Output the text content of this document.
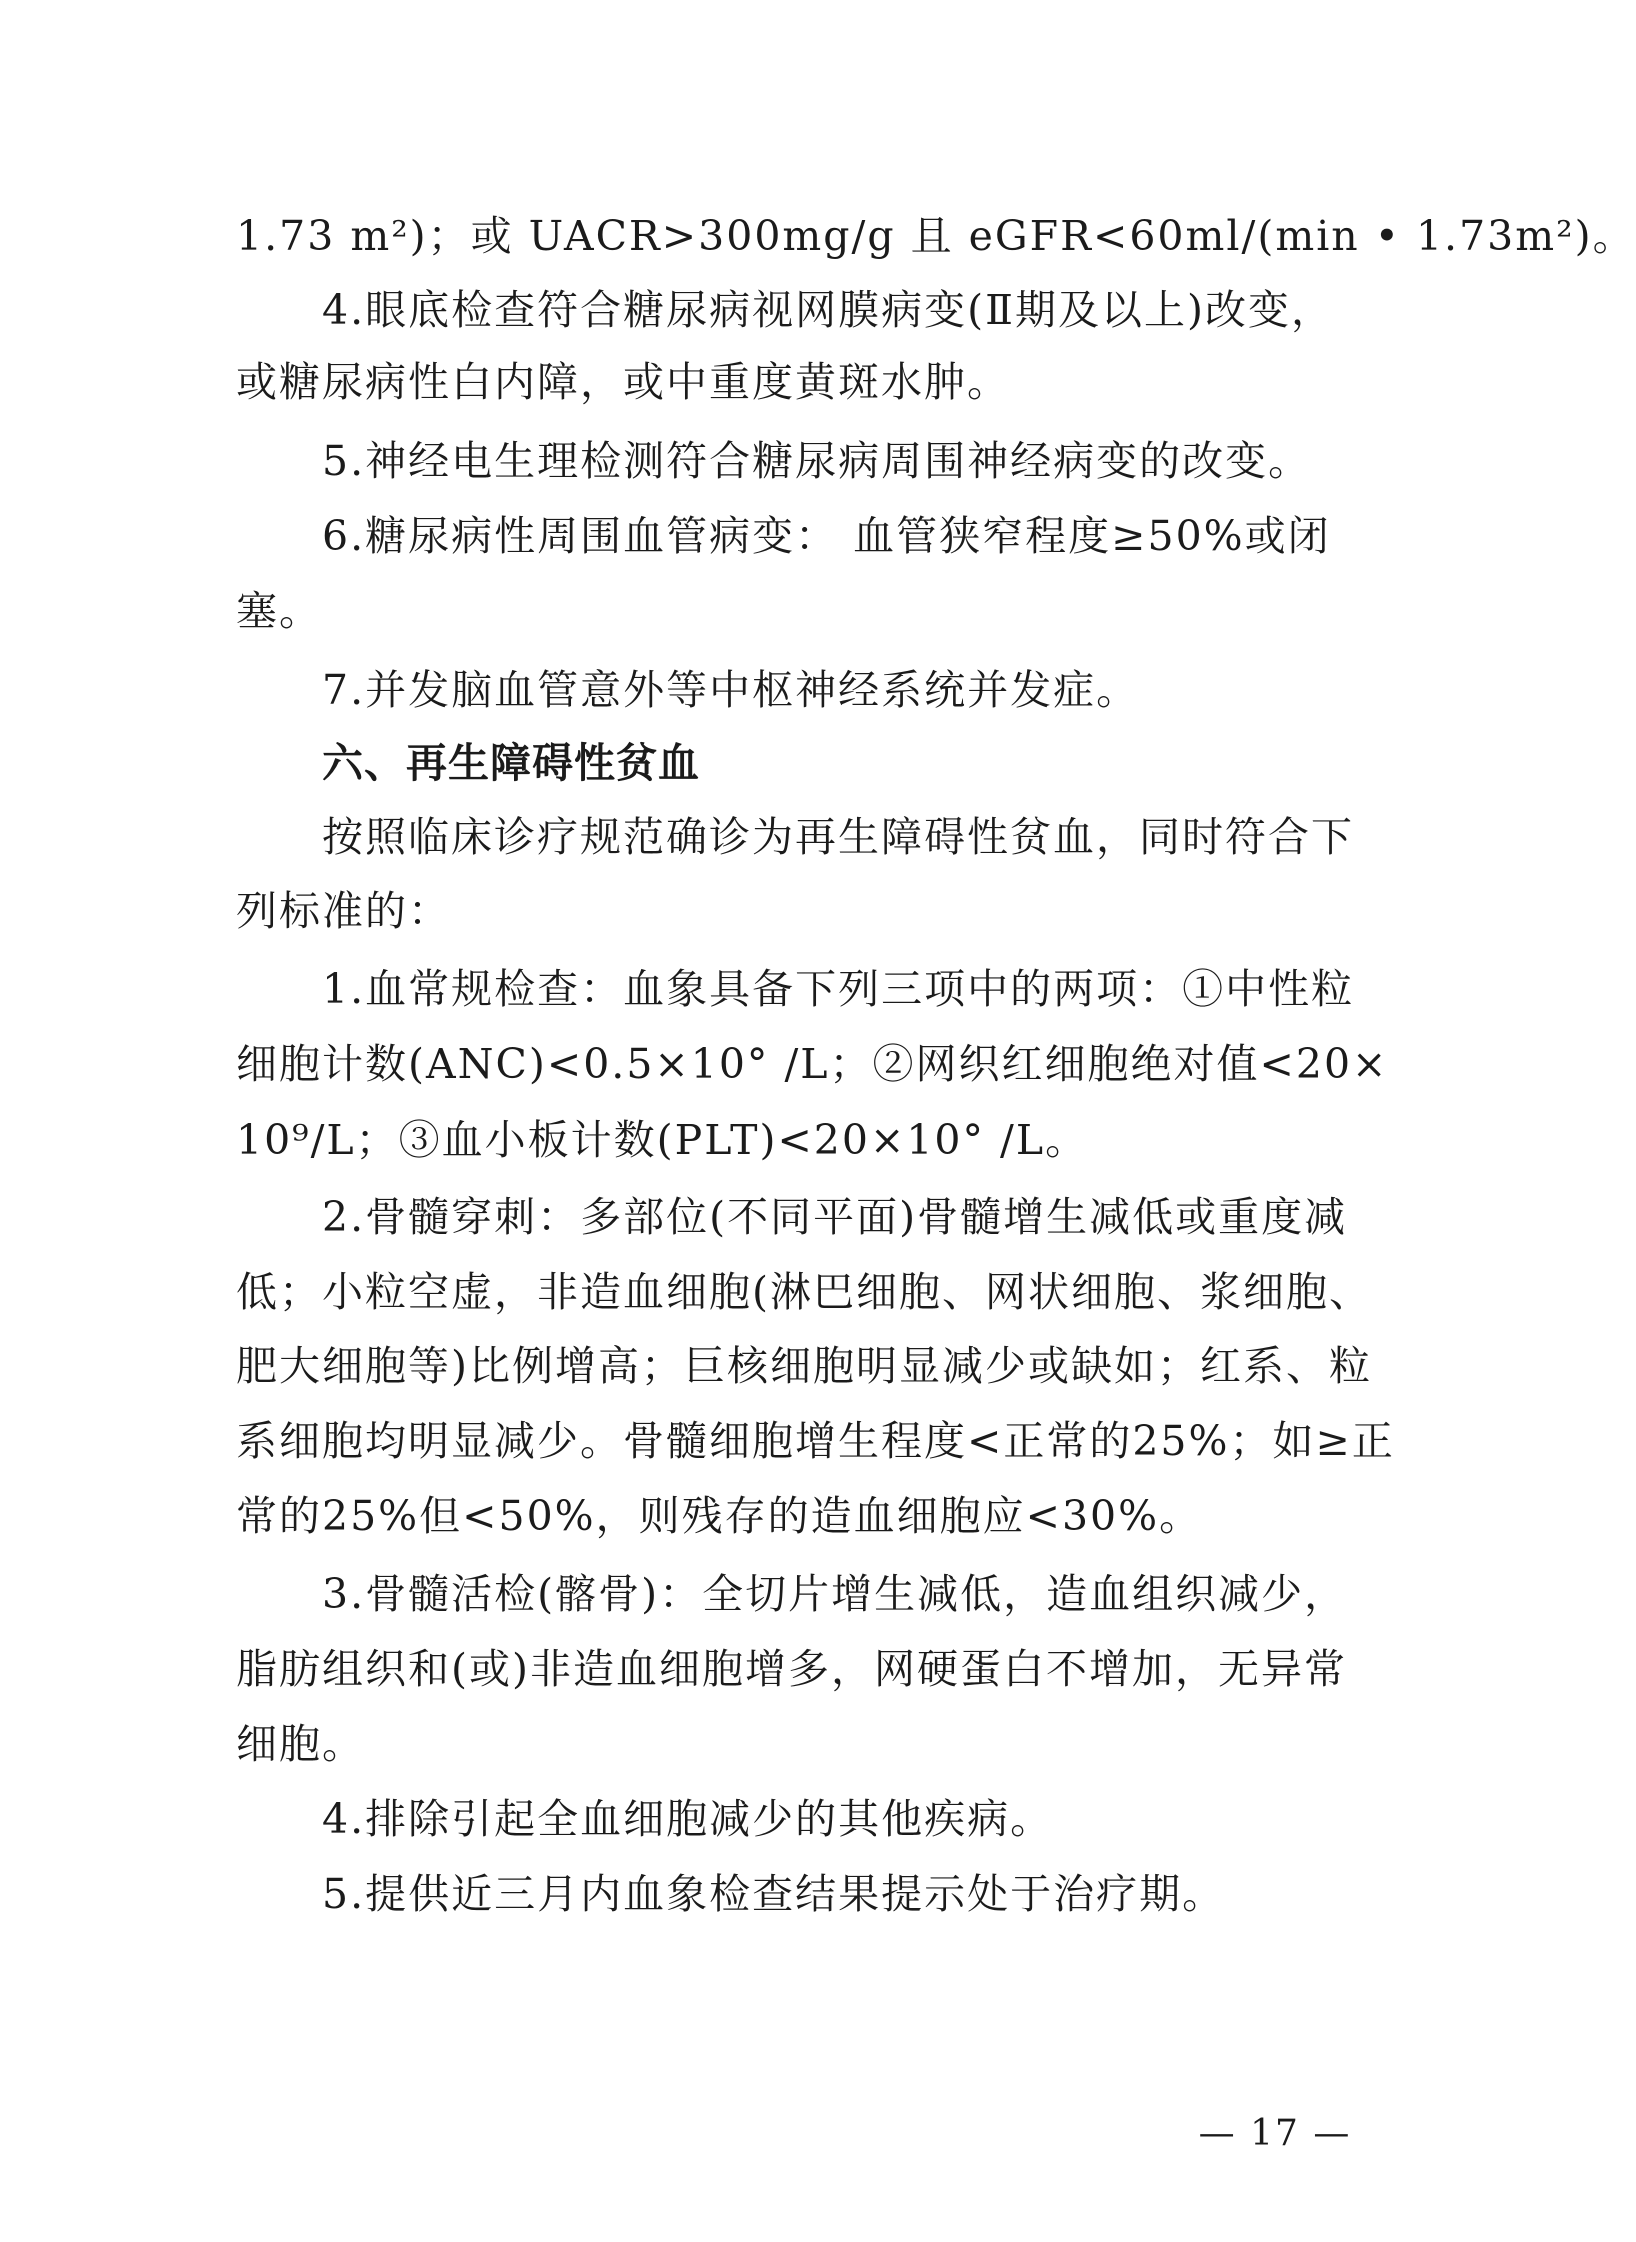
1.73 m²)；或 UACR>300mg/g 且 eGFR<60ml/(min • 1.73m²)。
4.眼底检查符合糖尿病视网膜病变(Ⅱ期及以上)改变，
或糖尿病性白内障，或中重度黄斑水肿。
5.神经电生理检测符合糖尿病周围神经病变的改变。
6.糖尿病性周围血管病变： 血管狭窄程度≥50%或闭
塞。
7.并发脑血管意外等中枢神经系统并发症。
六、再生障碍性贫血
按照临床诊疗规范确诊为再生障碍性贫血，同时符合下
列标准的：
1.血常规检查：血象具备下列三项中的两项：①中性粒
细胞计数(ANC)<0.5×10° /L；②网织红细胞绝对值<20×
10⁹/L；③血小板计数(PLT)<20×10° /L。
2.骨髓穿刺：多部位(不同平面)骨髓增生减低或重度减
低；小粒空虚，非造血细胞(淋巴细胞、网状细胞、浆细胞、
肥大细胞等)比例增高；巨核细胞明显减少或缺如；红系、粒
系细胞均明显减少。骨髓细胞增生程度<正常的25%；如≥正
常的25%但<50%，则残存的造血细胞应<30%。
3.骨髓活检(髂骨)：全切片增生减低，造血组织减少，
脂肪组织和(或)非造血细胞增多，网硬蛋白不增加，无异常
细胞。
4.排除引起全血细胞减少的其他疾病。
5.提供近三月内血象检查结果提示处于治疗期。
— 17 —
